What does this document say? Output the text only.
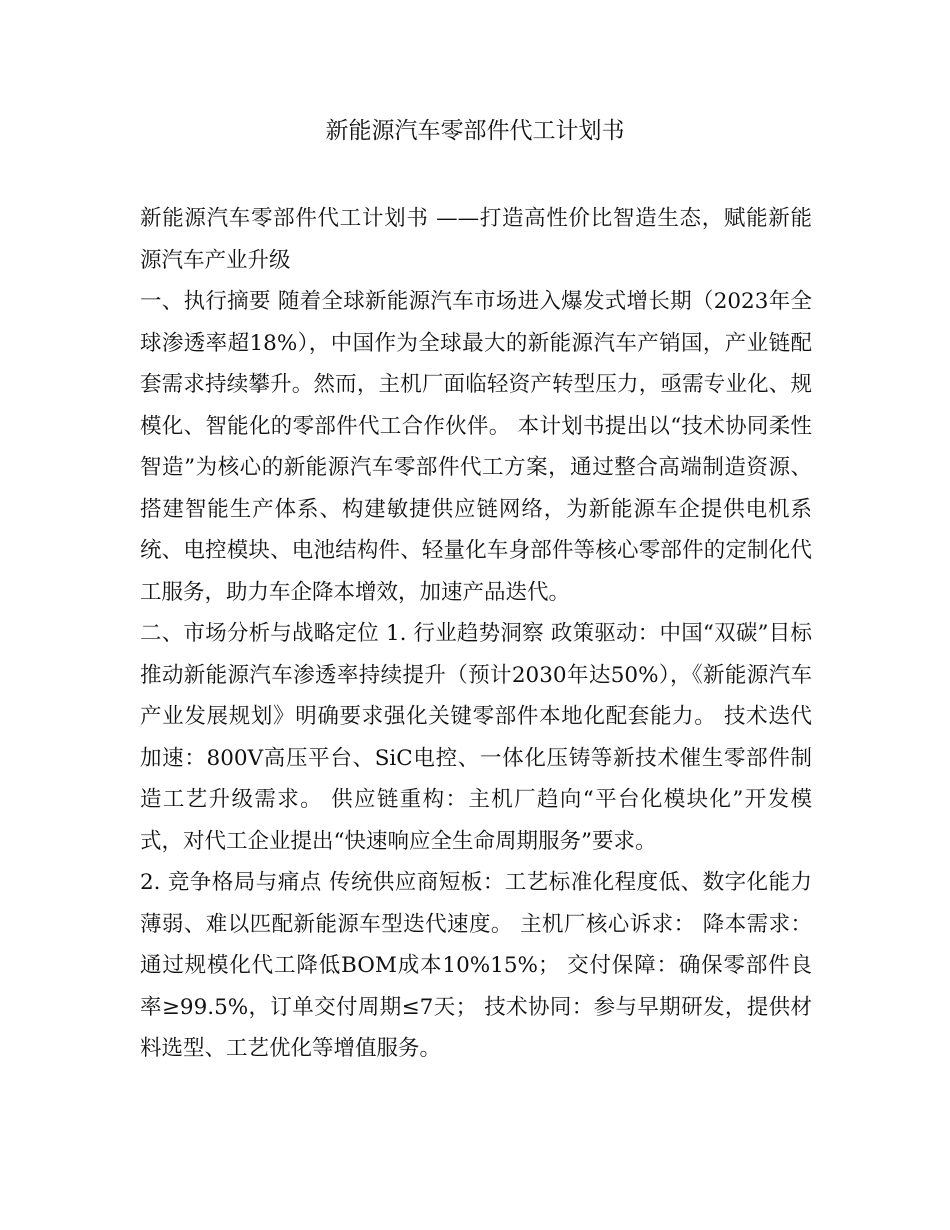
新能源汽车零部件代工计划书

新能源汽车零部件代工计划书 ——打造高性价比智造生态，赋能新能源汽车产业升级

一、执行摘要 随着全球新能源汽车市场进入爆发式增长期（2023年全球渗透率超18%），中国作为全球最大的新能源汽车产销国，产业链配套需求持续攀升。然而，主机厂面临轻资产转型压力，亟需专业化、规模化、智能化的零部件代工合作伙伴。 本计划书提出以“技术协同柔性智造”为核心的新能源汽车零部件代工方案，通过整合高端制造资源、搭建智能生产体系、构建敏捷供应链网络，为新能源车企提供电机系统、电控模块、电池结构件、轻量化车身部件等核心零部件的定制化代工服务，助力车企降本增效，加速产品迭代。

二、市场分析与战略定位 1. 行业趋势洞察 政策驱动：中国“双碳”目标推动新能源汽车渗透率持续提升（预计2030年达50%），《新能源汽车产业发展规划》明确要求强化关键零部件本地化配套能力。 技术迭代加速：800V高压平台、SiC电控、一体化压铸等新技术催生零部件制造工艺升级需求。 供应链重构：主机厂趋向“平台化模块化”开发模式，对代工企业提出“快速响应全生命周期服务”要求。

2. 竞争格局与痛点 传统供应商短板：工艺标准化程度低、数字化能力薄弱、难以匹配新能源车型迭代速度。 主机厂核心诉求： 降本需求：通过规模化代工降低BOM成本10%15%； 交付保障：确保零部件良率≥99.5%，订单交付周期≤7天； 技术协同：参与早期研发，提供材料选型、工艺优化等增值服务。
